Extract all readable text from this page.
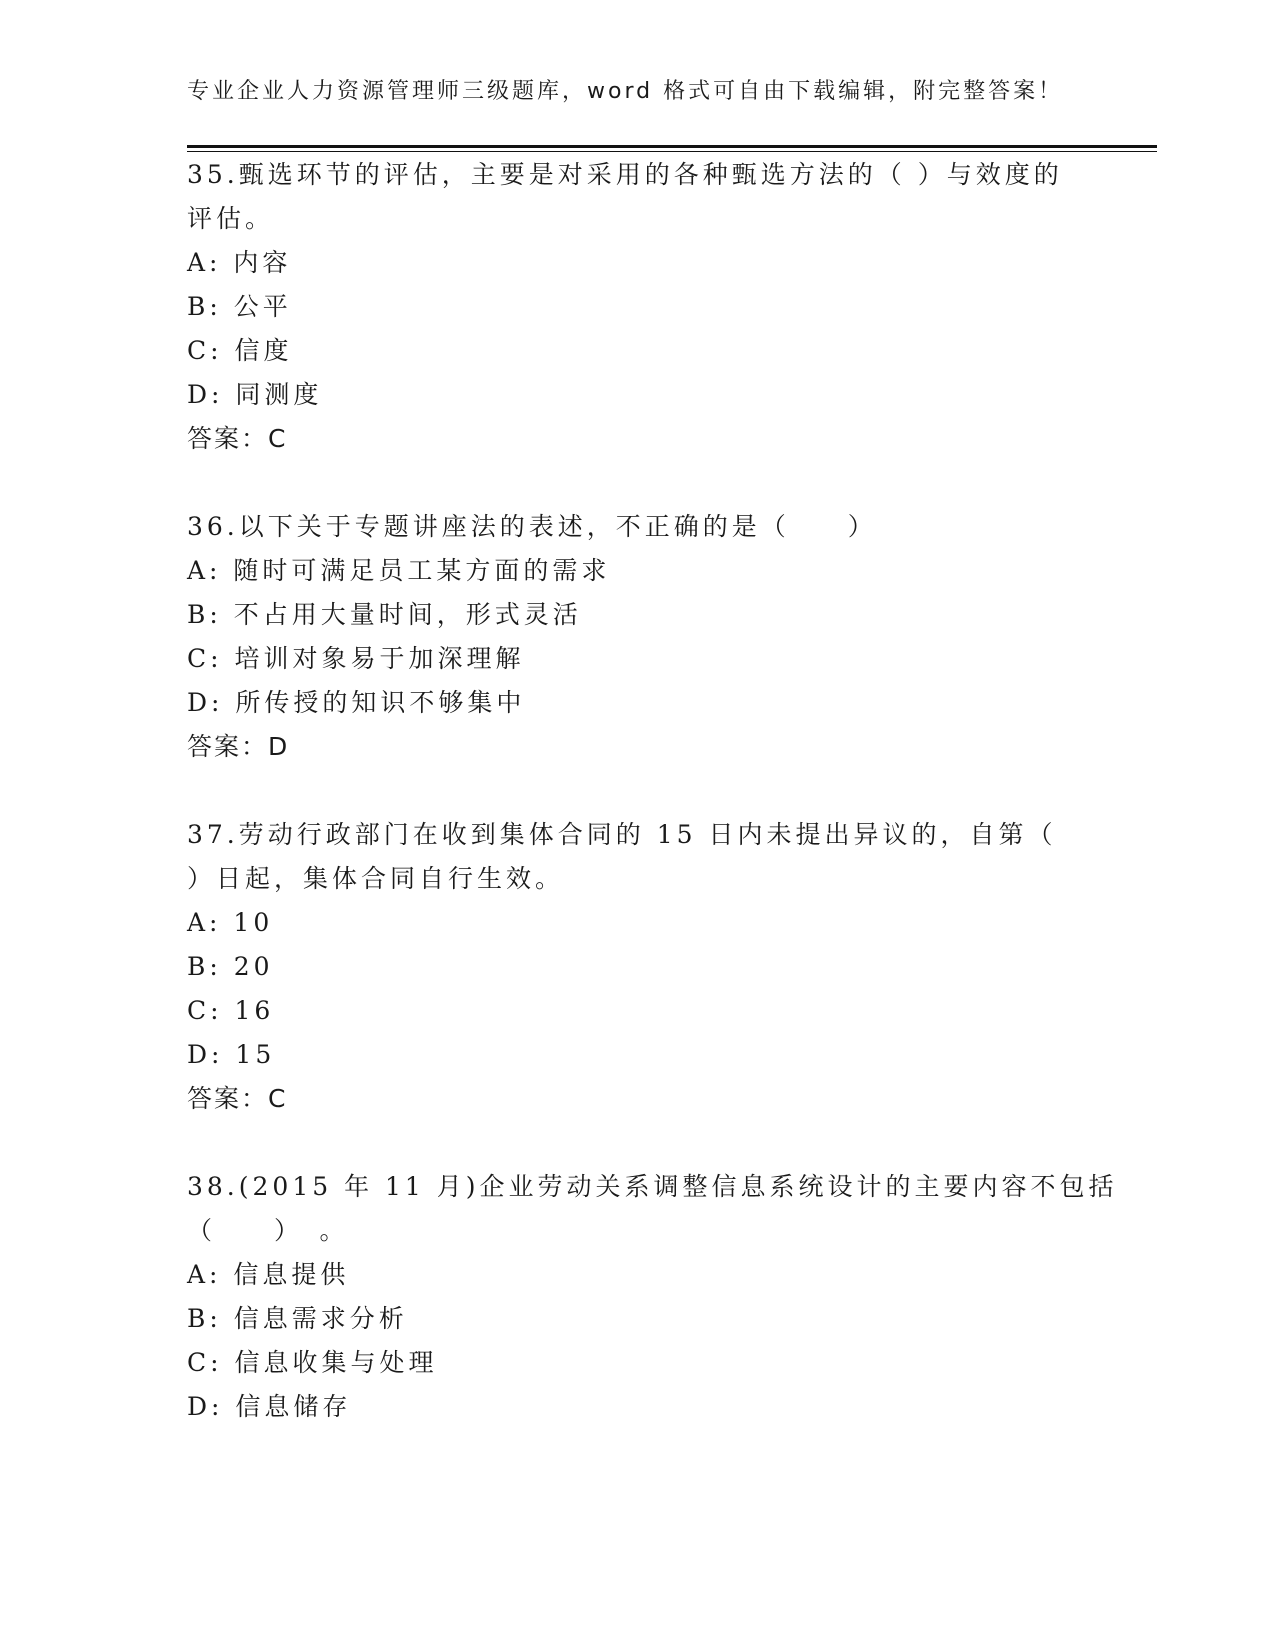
专业企业人力资源管理师三级题库，word 格式可自由下载编辑，附完整答案！
35.甄选环节的评估，主要是对采用的各种甄选方法的（ ）与效度的
评估。
A: 内容
B: 公平
C: 信度
D: 同测度
答案：C
36.以下关于专题讲座法的表述，不正确的是（　　）
A: 随时可满足员工某方面的需求
B: 不占用大量时间，形式灵活
C: 培训对象易于加深理解
D: 所传授的知识不够集中
答案：D
37.劳动行政部门在收到集体合同的 15 日内未提出异议的，自第（
）日起，集体合同自行生效。
A: 10
B: 20
C: 16
D: 15
答案：C
38.(2015 年 11 月)企业劳动关系调整信息系统设计的主要内容不包括
（　　）　。
A: 信息提供
B: 信息需求分析
C: 信息收集与处理
D: 信息储存
